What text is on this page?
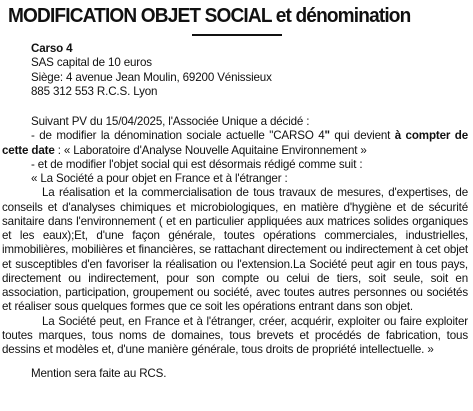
MODIFICATION OBJET SOCIAL et dénomination
Carso 4
SAS capital de 10 euros
Siège: 4 avenue Jean Moulin, 69200 Vénissieux
885 312 553 R.C.S. Lyon

Suivant PV du 15/04/2025, l'Associée Unique a décidé :

- de modifier la dénomination sociale actuelle "CARSO 4" qui devient à compter de cette date : « Laboratoire d'Analyse Nouvelle Aquitaine Environnement »

- et de modifier l'objet social qui est désormais rédigé comme suit :

« La Société a pour objet en France et à l'étranger :

La réalisation et la commercialisation de tous travaux de mesures, d'expertises, de conseils et d'analyses chimiques et microbiologiques, en matière d'hygiène et de sécurité sanitaire dans l'environnement ( et en particulier appliquées aux matrices solides organiques et les eaux);Et, d'une façon générale, toutes opérations commerciales, industrielles, immobilières, mobilières et financières, se rattachant directement ou indirectement à cet objet et susceptibles d'en favoriser la réalisation ou l'extension.La Société peut agir en tous pays, directement ou indirectement, pour son compte ou celui de tiers, soit seule, soit en association, participation, groupement ou société, avec toutes autres personnes ou sociétés et réaliser sous quelques formes que ce soit les opérations entrant dans son objet.

La Société peut, en France et à l'étranger, créer, acquérir, exploiter ou faire exploiter toutes marques, tous noms de domaines, tous brevets et procédés de fabrication, tous dessins et modèles et, d'une manière générale, tous droits de propriété intellectuelle. »

Mention sera faite au RCS.
